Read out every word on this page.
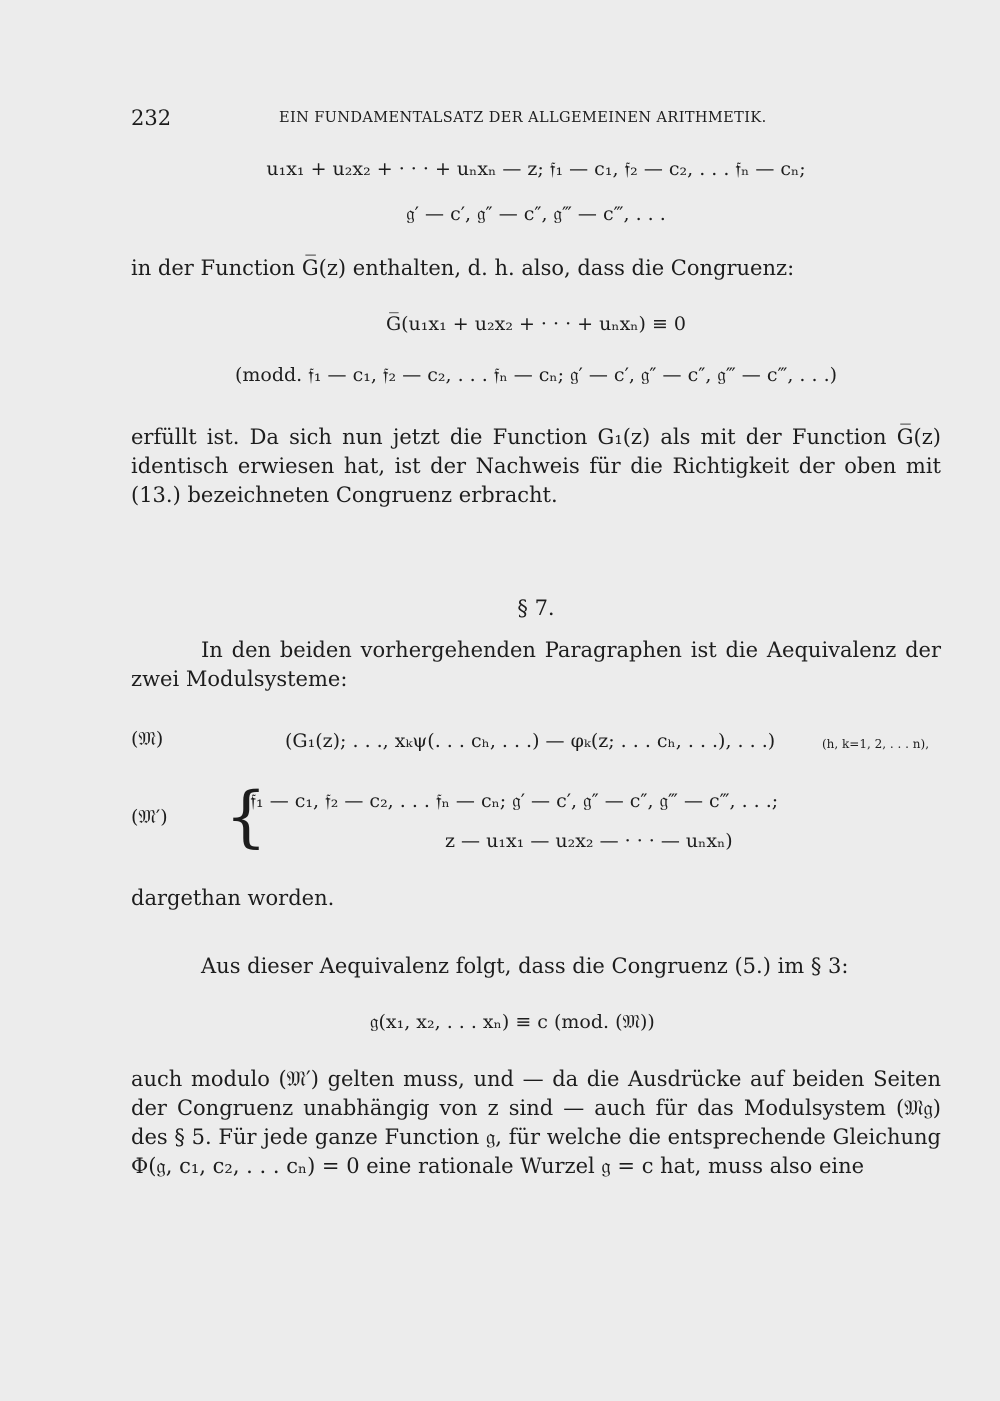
232	EIN FUNDAMENTALSATZ DER ALLGEMEINEN ARITHMETIK.
u₁x₁ + u₂x₂ + · · · + uₙxₙ — z; 𝔣₁ — c₁, 𝔣₂ — c₂, . . . 𝔣ₙ — cₙ;
𝔤′ — c′, 𝔤″ — c″, 𝔤‴ — c‴, . . .
in der Function G̅(z) enthalten, d. h. also, dass die Congruenz:
G̅(u₁x₁ + u₂x₂ + · · · + uₙxₙ) ≡ 0
(modd. 𝔣₁ — c₁, 𝔣₂ — c₂, . . . 𝔣ₙ — cₙ; 𝔤′ — c′, 𝔤″ — c″, 𝔤‴ — c‴, . . .)
erfüllt ist. Da sich nun jetzt die Function G₁(z) als mit der Function G̅(z) identisch erwiesen hat, ist der Nachweis für die Richtigkeit der oben mit (13.) bezeichneten Congruenz erbracht.
§ 7.
In den beiden vorhergehenden Paragraphen ist die Aequivalenz der zwei Modulsysteme:
(𝔐)	(G₁(z); . . ., xₖψ(. . . cₕ, . . .) — φₖ(z; . . . cₕ, . . .), . . .)	(h, k=1, 2, . . . n),
(𝔐′) {
(𝔣₁ — c₁, 𝔣₂ — c₂, . . . 𝔣ₙ — cₙ; 𝔤′ — c′, 𝔤″ — c″, 𝔤‴ — c‴, . . .;
z — u₁x₁ — u₂x₂ — · · · — uₙxₙ)
dargethan worden.
Aus dieser Aequivalenz folgt, dass die Congruenz (5.) im § 3:
𝔤(x₁, x₂, . . . xₙ) ≡ c (mod. (𝔐))
auch modulo (𝔐′) gelten muss, und — da die Ausdrücke auf beiden Seiten der Congruenz unabhängig von z sind — auch für das Modulsystem (𝔐𝔤) des § 5. Für jede ganze Function 𝔤, für welche die entsprechende Gleichung Φ(𝔤, c₁, c₂, . . . cₙ) = 0 eine rationale Wurzel 𝔤 = c hat, muss also eine
